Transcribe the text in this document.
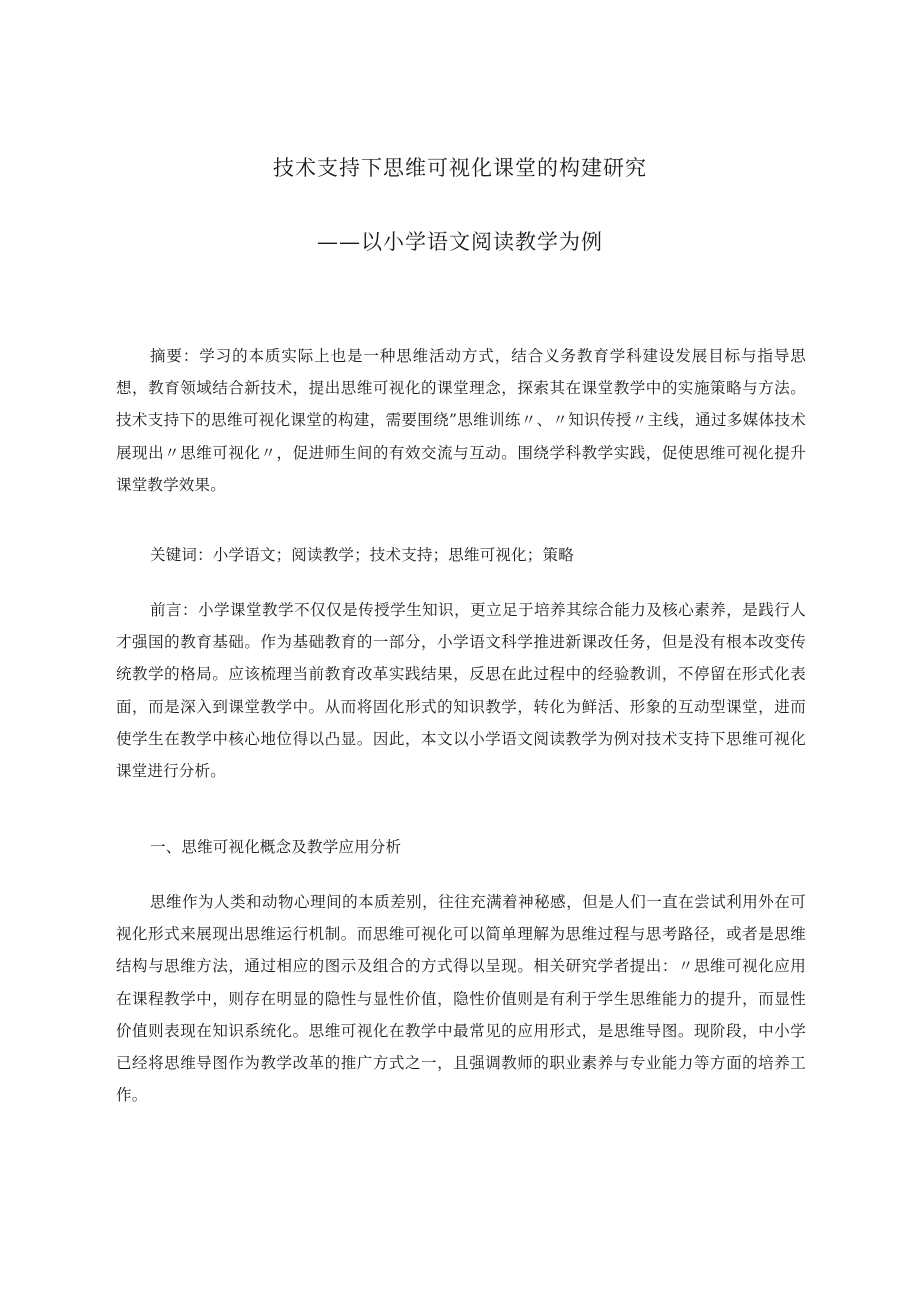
技术支持下思维可视化课堂的构建研究
——以小学语文阅读教学为例

摘要：学习的本质实际上也是一种思维活动方式，结合义务教育学科建设发展目标与指导思想，教育领域结合新技术，提出思维可视化的课堂理念，探索其在课堂教学中的实施策略与方法。技术支持下的思维可视化课堂的构建，需要围绕”思维训练〃、〃知识传授〃主线，通过多媒体技术展现出〃思维可视化〃，促进师生间的有效交流与互动。围绕学科教学实践，促使思维可视化提升课堂教学效果。

关键词：小学语文；阅读教学；技术支持；思维可视化；策略

前言：小学课堂教学不仅仅是传授学生知识，更立足于培养其综合能力及核心素养，是践行人才强国的教育基础。作为基础教育的一部分，小学语文科学推进新课改任务，但是没有根本改变传统教学的格局。应该梳理当前教育改革实践结果，反思在此过程中的经验教训，不停留在形式化表面，而是深入到课堂教学中。从而将固化形式的知识教学，转化为鲜活、形象的互动型课堂，进而使学生在教学中核心地位得以凸显。因此，本文以小学语文阅读教学为例对技术支持下思维可视化课堂进行分析。

一、思维可视化概念及教学应用分析

思维作为人类和动物心理间的本质差别，往往充满着神秘感，但是人们一直在尝试利用外在可视化形式来展现出思维运行机制。而思维可视化可以简单理解为思维过程与思考路径，或者是思维结构与思维方法，通过相应的图示及组合的方式得以呈现。相关研究学者提出：〃思维可视化应用在课程教学中，则存在明显的隐性与显性价值，隐性价值则是有利于学生思维能力的提升，而显性价值则表现在知识系统化。思维可视化在教学中最常见的应用形式，是思维导图。现阶段，中小学已经将思维导图作为教学改革的推广方式之一，且强调教师的职业素养与专业能力等方面的培养工作。
